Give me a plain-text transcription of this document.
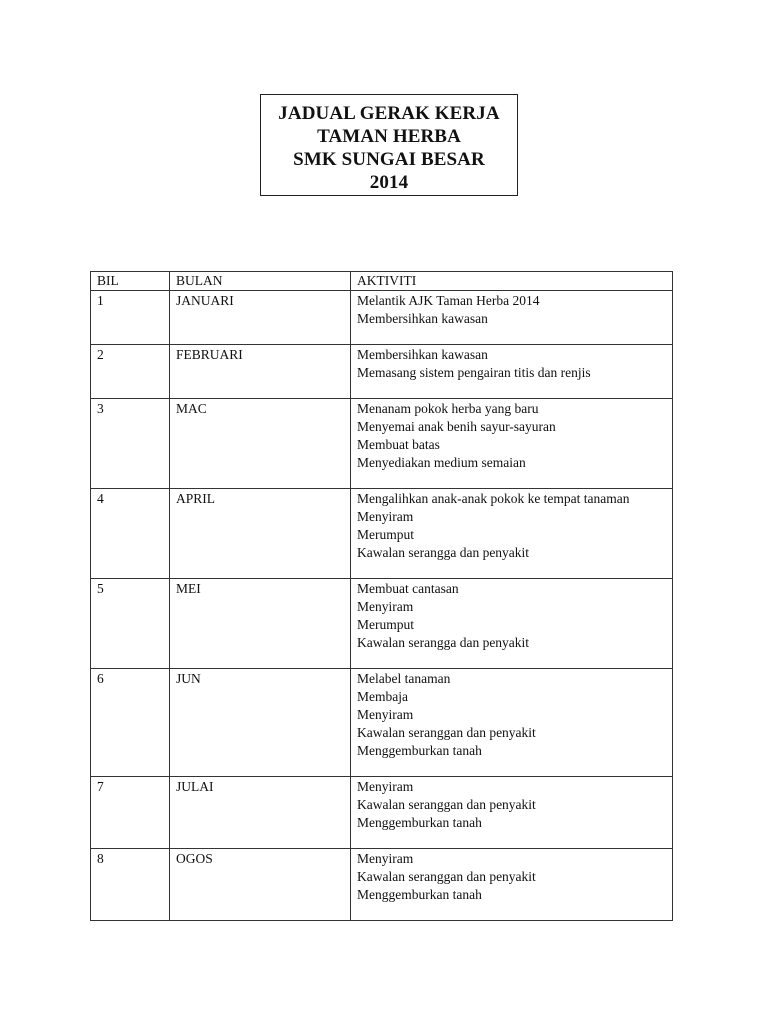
JADUAL GERAK KERJA
TAMAN HERBA
SMK SUNGAI BESAR
2014
BIL	BULAN	AKTIVITI
1	JANUARI	Melantik AJK Taman Herba 2014
Membersihkan kawasan

2	FEBRUARI	Membersihkan kawasan
Memasang sistem pengairan titis dan renjis

3	MAC	Menanam pokok herba yang baru
Menyemai anak benih sayur-sayuran
Membuat batas
Menyediakan medium semaian

4	APRIL	Mengalihkan anak-anak pokok ke tempat tanaman
Menyiram
Merumput
Kawalan serangga dan penyakit

5	MEI	Membuat cantasan
Menyiram
Merumput
Kawalan serangga dan penyakit

6	JUN	Melabel tanaman
Membaja
Menyiram
Kawalan seranggan dan penyakit
Menggemburkan tanah

7	JULAI	Menyiram
Kawalan seranggan dan penyakit
Menggemburkan tanah

8	OGOS	Menyiram
Kawalan seranggan dan penyakit
Menggemburkan tanah
